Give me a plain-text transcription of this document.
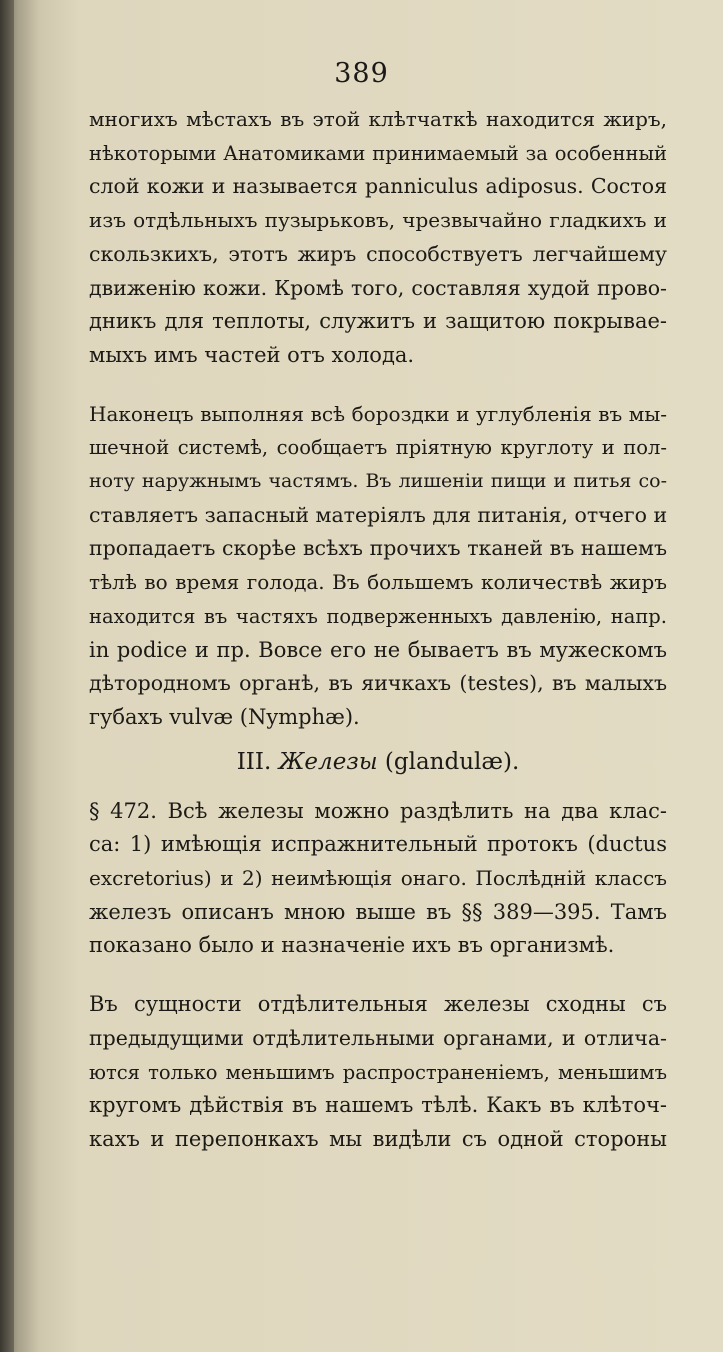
389
многихъ мѣстахъ въ этой клѣтчаткѣ находится жиръ,
нѣкоторыми Анатомиками принимаемый за особенный
слой кожи и называется panniculus adiposus. Состоя
изъ отдѣльныхъ пузырьковъ, чрезвычайно гладкихъ и
скользкихъ, этотъ жиръ способствуетъ легчайшему
движенію кожи. Кромѣ того, составляя худой прово-
дникъ для теплоты, служитъ и защитою покрывае-
мыхъ имъ частей отъ холода.
Наконецъ выполняя всѣ бороздки и углубленія въ мы-
шечной системѣ, сообщаетъ пріятную круглоту и пол-
ноту наружнымъ частямъ. Въ лишеніи пищи и питья со-
ставляетъ запасный матеріялъ для питанія, отчего и
пропадаетъ скорѣе всѣхъ прочихъ тканей въ нашемъ
тѣлѣ во время голода. Въ большемъ количествѣ жиръ
находится въ частяхъ подверженныхъ давленію, напр.
in podice и пр. Вовсе его не бываетъ въ мужескомъ
дѣтородномъ органѣ, въ яичкахъ (testes), въ малыхъ
губахъ vulvæ (Nymphæ).
III. Железы (glandulæ).
§ 472. Всѣ железы можно раздѣлить на два клас-
са: 1) имѣющія испражнительный протокъ (ductus
excretorius) и 2) неимѣющія онаго. Послѣдній классъ
железъ описанъ мною выше въ §§ 389—395. Тамъ
показано было и назначеніе ихъ въ организмѣ.
Въ сущности отдѣлительныя железы сходны съ
предыдущими отдѣлительными органами, и отлича-
ются только меньшимъ распространеніемъ, меньшимъ
кругомъ дѣйствія въ нашемъ тѣлѣ. Какъ въ клѣточ-
кахъ и перепонкахъ мы видѣли съ одной стороны
